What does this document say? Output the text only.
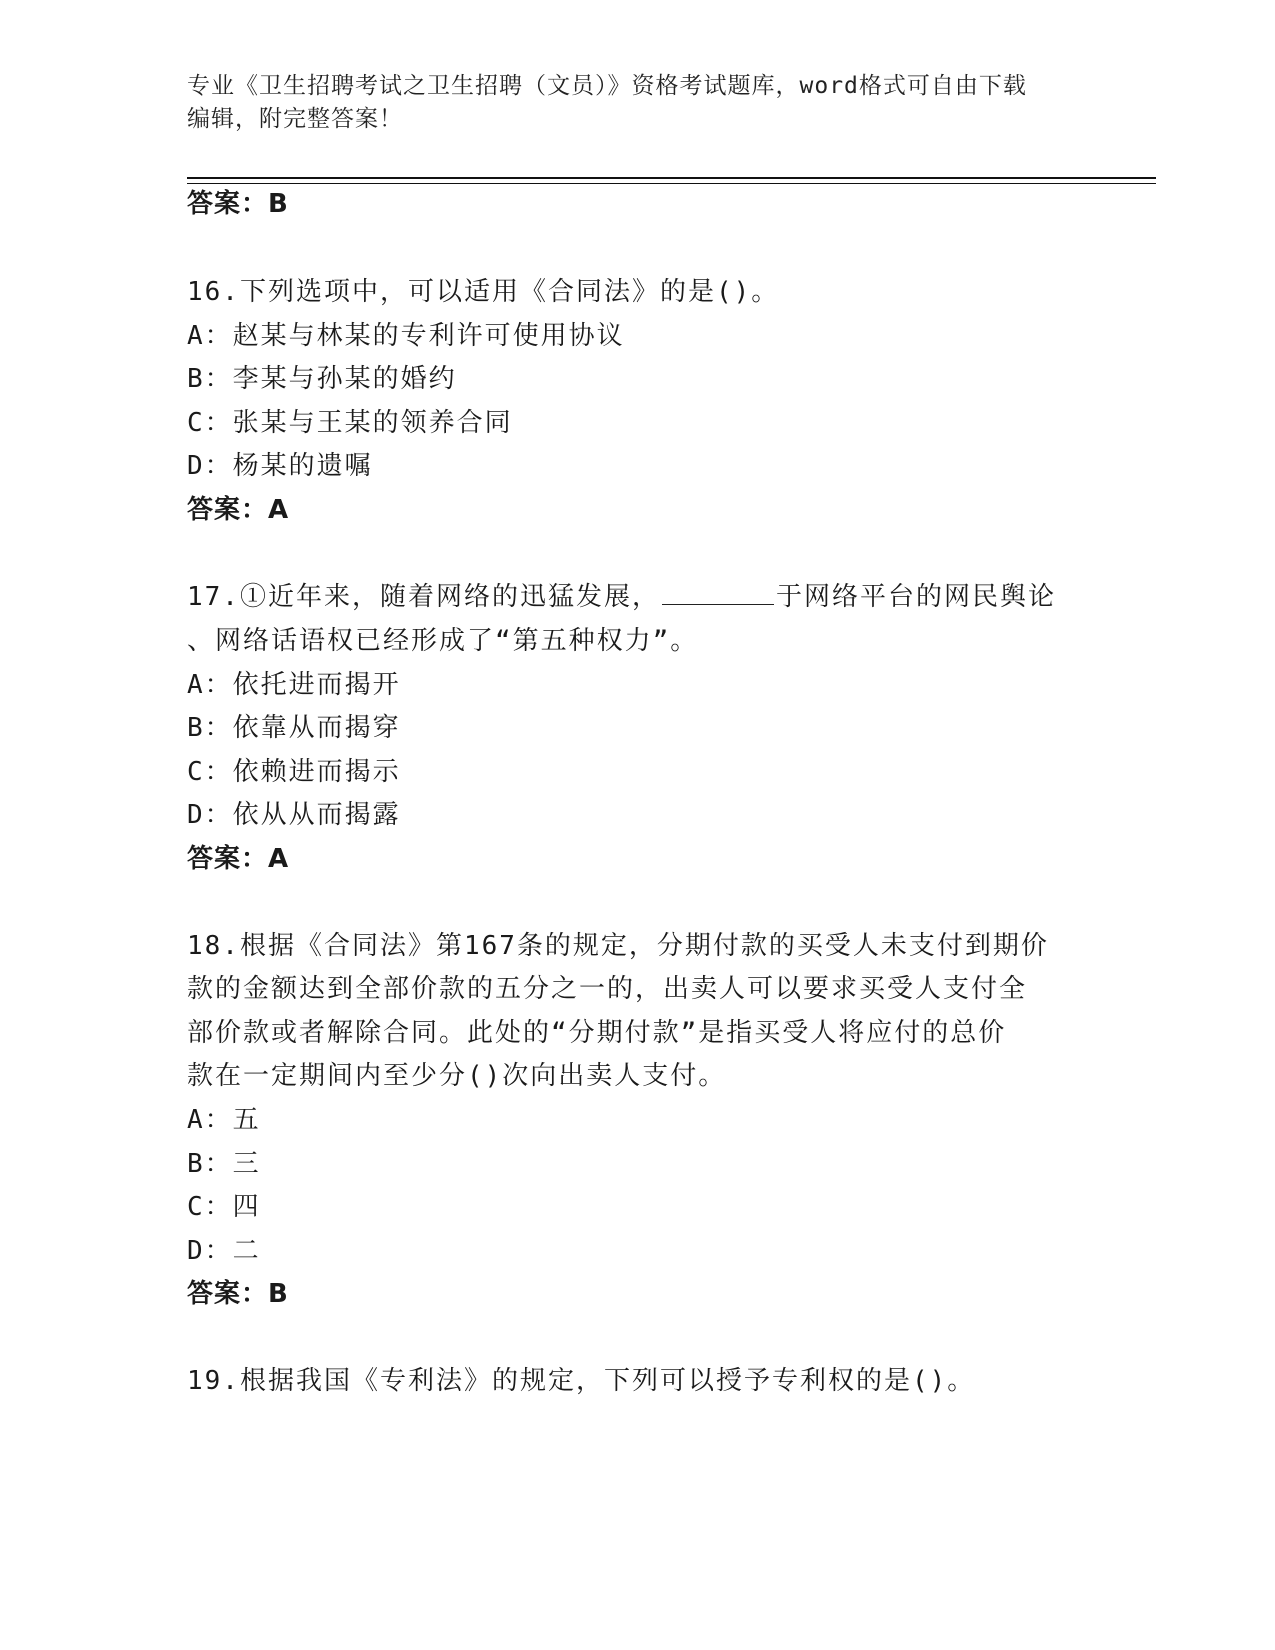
专业《卫生招聘考试之卫生招聘（文员）》资格考试题库，word格式可自由下载
编辑，附完整答案！
答案：B
16.下列选项中，可以适用《合同法》的是()。
A：赵某与林某的专利许可使用协议
B：李某与孙某的婚约
C：张某与王某的领养合同
D：杨某的遗嘱
答案：A
17.①近年来，随着网络的迅猛发展，	于网络平台的网民舆论
、网络话语权已经形成了“第五种权力”。
A：依托进而揭开
B：依靠从而揭穿
C：依赖进而揭示
D：依从从而揭露
答案：A
18.根据《合同法》第167条的规定，分期付款的买受人未支付到期价
款的金额达到全部价款的五分之一的，出卖人可以要求买受人支付全
部价款或者解除合同。此处的“分期付款”是指买受人将应付的总价
款在一定期间内至少分()次向出卖人支付。
A：五
B：三
C：四
D：二
答案：B
19.根据我国《专利法》的规定，下列可以授予专利权的是()。
